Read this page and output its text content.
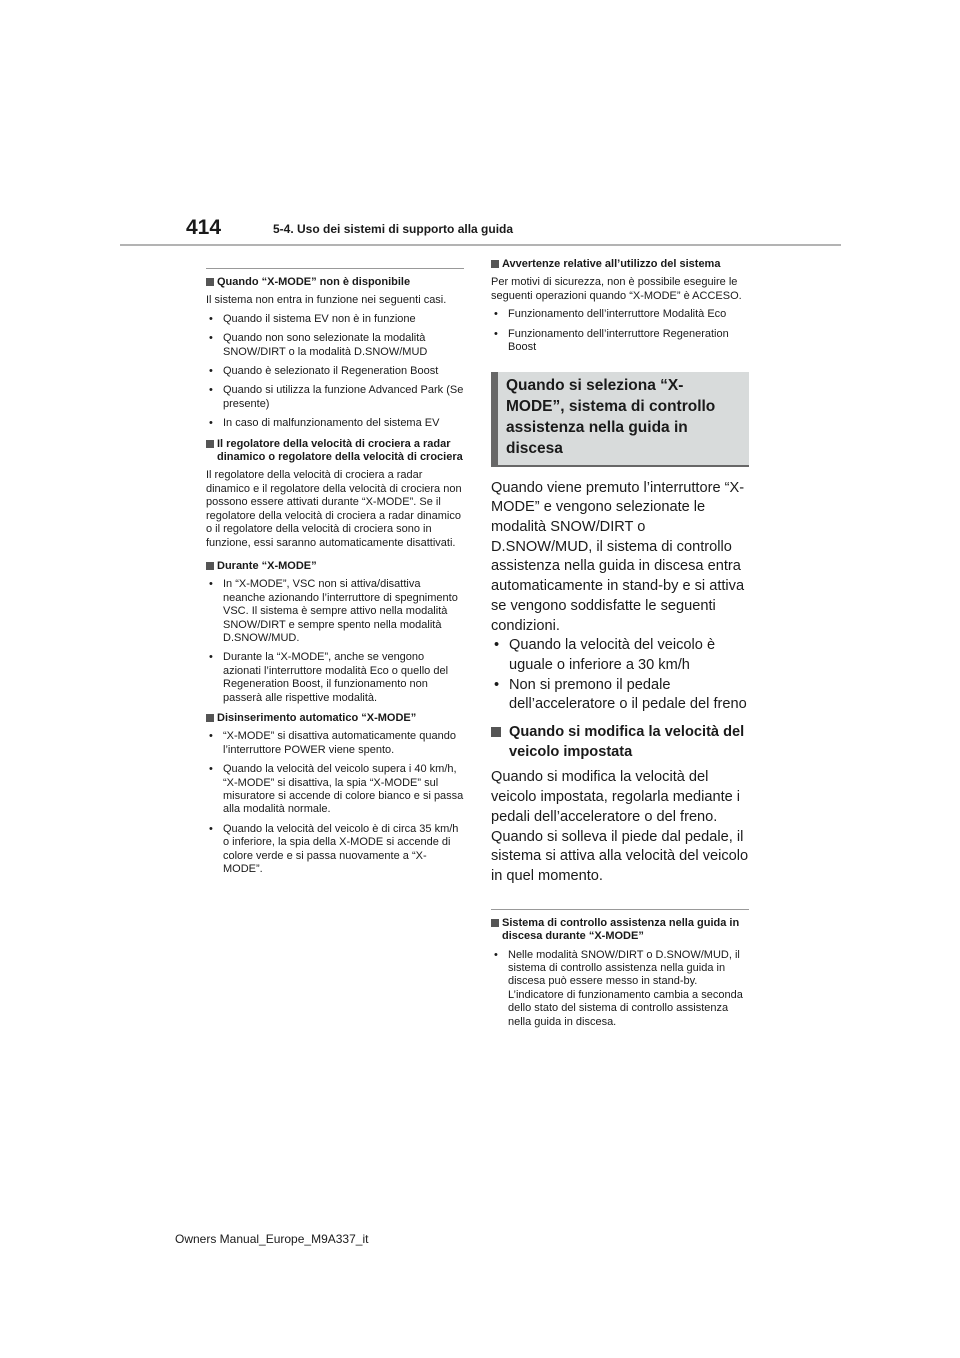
414	5-4. Uso dei sistemi di supporto alla guida
Quando “X-MODE” non è disponibile
Il sistema non entra in funzione nei seguenti casi.
• Quando il sistema EV non è in funzione
• Quando non sono selezionate la modalità SNOW/DIRT o la modalità D.SNOW/MUD
• Quando è selezionato il Regeneration Boost
• Quando si utilizza la funzione Advanced Park (Se presente)
• In caso di malfunzionamento del sistema EV
Il regolatore della velocità di crociera a radar dinamico o regolatore della velocità di crociera
Il regolatore della velocità di crociera a radar dinamico e il regolatore della velocità di crociera non possono essere attivati durante “X-MODE”. Se il regolatore della velocità di crociera a radar dinamico o il regolatore della velocità di crociera sono in funzione, essi saranno automaticamente disattivati.
Durante “X-MODE”
• In “X-MODE”, VSC non si attiva/disattiva neanche azionando l’interruttore di spegnimento VSC. Il sistema è sempre attivo nella modalità SNOW/DIRT e sempre spento nella modalità D.SNOW/MUD.
• Durante la “X-MODE”, anche se vengono azionati l’interruttore modalità Eco o quello del Regeneration Boost, il funzionamento non passerà alle rispettive modalità.
Disinserimento automatico “X-MODE”
• “X-MODE” si disattiva automaticamente quando l’interruttore POWER viene spento.
• Quando la velocità del veicolo supera i 40 km/h, “X-MODE” si disattiva, la spia “X-MODE” sul misuratore si accende di colore bianco e si passa alla modalità normale.
• Quando la velocità del veicolo è di circa 35 km/h o inferiore, la spia della X-MODE si accende di colore verde e si passa nuovamente a “X-MODE”.
Avvertenze relative all’utilizzo del sistema
Per motivi di sicurezza, non è possibile eseguire le seguenti operazioni quando “X-MODE” è ACCESO.
• Funzionamento dell’interruttore Modalità Eco
• Funzionamento dell’interruttore Regeneration Boost
Quando si seleziona “X-MODE”, sistema di controllo assistenza nella guida in discesa
Quando viene premuto l’interruttore “X-MODE” e vengono selezionate le modalità SNOW/DIRT o D.SNOW/MUD, il sistema di controllo assistenza nella guida in discesa entra automaticamente in stand-by e si attiva se vengono soddisfatte le seguenti condizioni.
• Quando la velocità del veicolo è uguale o inferiore a 30 km/h
• Non si premono il pedale dell’acceleratore o il pedale del freno
Quando si modifica la velocità del veicolo impostata
Quando si modifica la velocità del veicolo impostata, regolarla mediante i pedali dell’acceleratore o del freno. Quando si solleva il piede dal pedale, il sistema si attiva alla velocità del veicolo in quel momento.
Sistema di controllo assistenza nella guida in discesa durante “X-MODE”
• Nelle modalità SNOW/DIRT o D.SNOW/MUD, il sistema di controllo assistenza nella guida in discesa può essere messo in stand-by. L’indicatore di funzionamento cambia a seconda dello stato del sistema di controllo assistenza nella guida in discesa.
Owners Manual_Europe_M9A337_it
